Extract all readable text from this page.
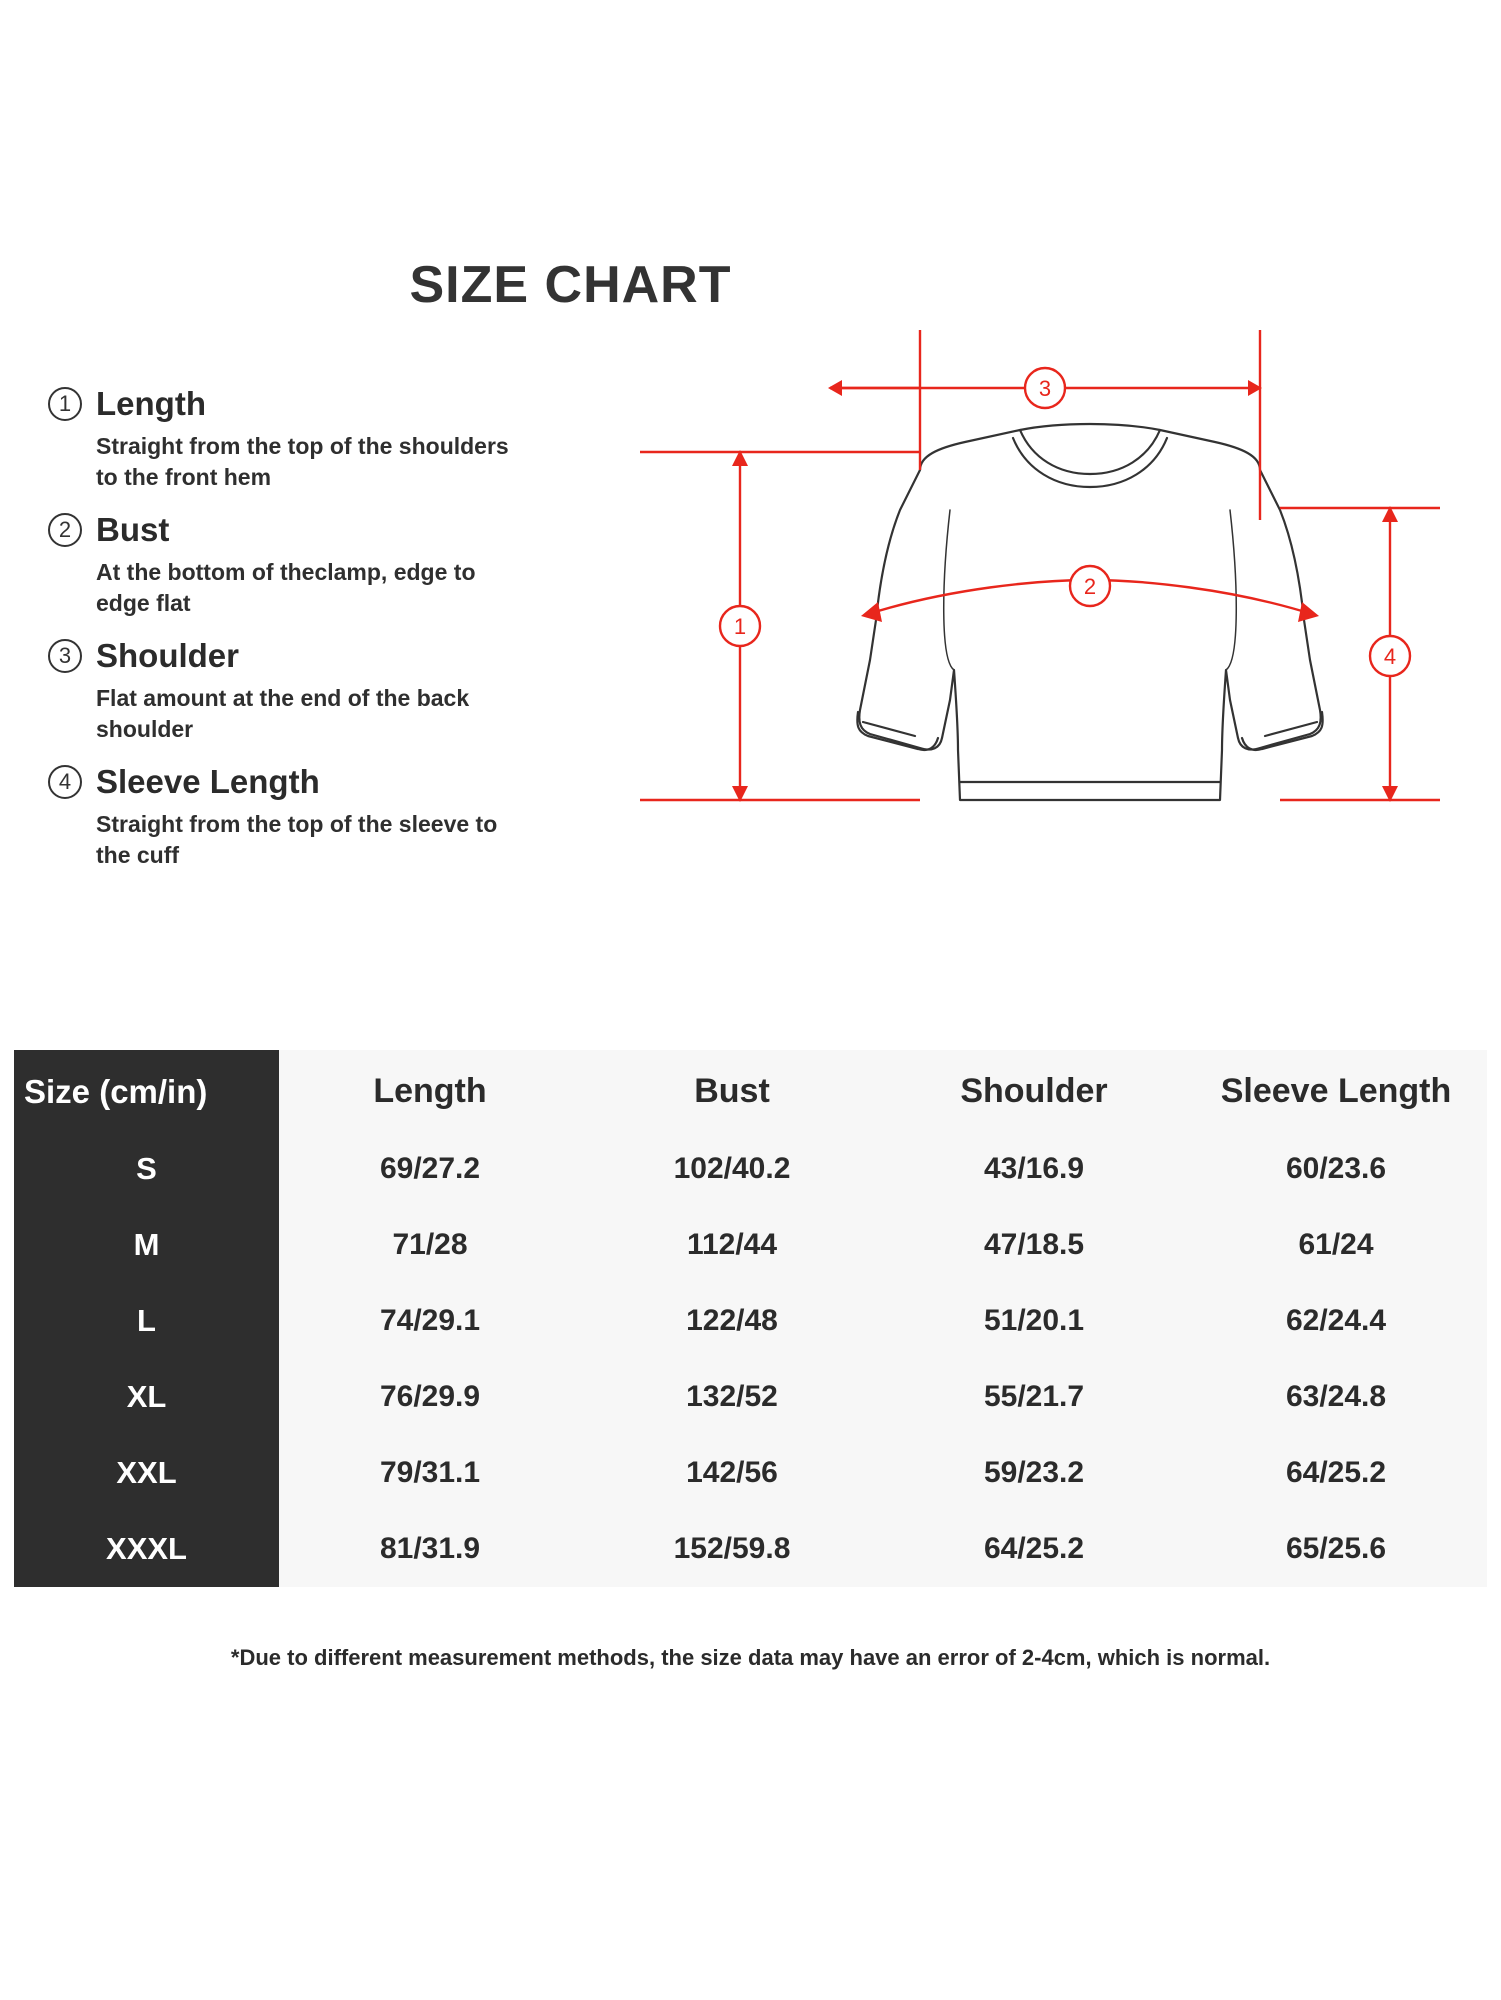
SIZE CHART
1 Length
Straight from the top of the shoulders to the front hem
2 Bust
At the bottom of theclamp, edge to edge flat
3 Shoulder
Flat amount at the end of the back shoulder
4 Sleeve Length
Straight from the top of the sleeve to the cuff
1
2
3
4
Size (cm/in)	Length	Bust	Shoulder	Sleeve Length
S	69/27.2	102/40.2	43/16.9	60/23.6
M	71/28	112/44	47/18.5	61/24
L	74/29.1	122/48	51/20.1	62/24.4
XL	76/29.9	132/52	55/21.7	63/24.8
XXL	79/31.1	142/56	59/23.2	64/25.2
XXXL	81/31.9	152/59.8	64/25.2	65/25.6
*Due to different measurement methods, the size data may have an error of 2-4cm, which is normal.
